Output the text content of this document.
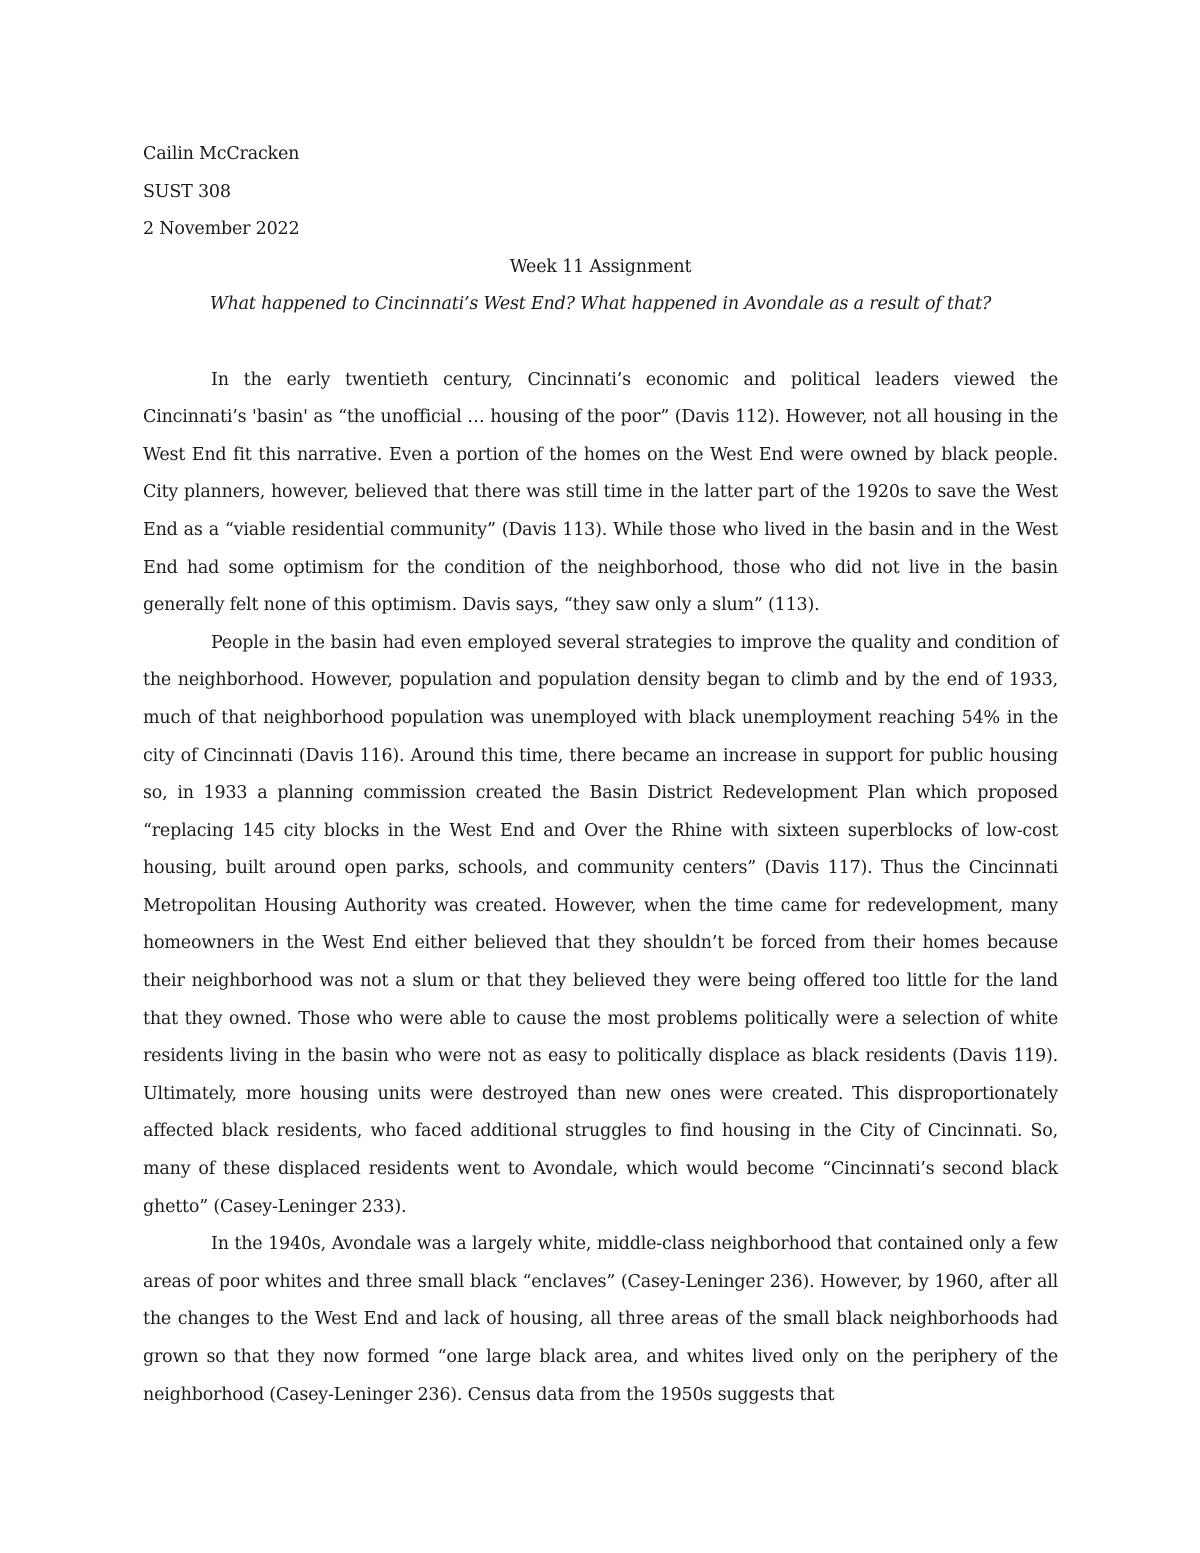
Cailin McCracken

SUST 308

2 November 2022

Week 11 Assignment

What happened to Cincinnati’s West End? What happened in Avondale as a result of that?

In the early twentieth century, Cincinnati’s economic and political leaders viewed the Cincinnati’s 'basin' as “the unofficial … housing of the poor” (Davis 112). However, not all housing in the West End fit this narrative. Even a portion of the homes on the West End were owned by black people. City planners, however, believed that there was still time in the latter part of the 1920s to save the West End as a “viable residential community” (Davis 113). While those who lived in the basin and in the West End had some optimism for the condition of the neighborhood, those who did not live in the basin generally felt none of this optimism. Davis says, “they saw only a slum” (113).

People in the basin had even employed several strategies to improve the quality and condition of the neighborhood. However, population and population density began to climb and by the end of 1933, much of that neighborhood population was unemployed with black unemployment reaching 54% in the city of Cincinnati (Davis 116). Around this time, there became an increase in support for public housing so, in 1933 a planning commission created the Basin District Redevelopment Plan which proposed “replacing 145 city blocks in the West End and Over the Rhine with sixteen superblocks of low-cost housing, built around open parks, schools, and community centers” (Davis 117). Thus the Cincinnati Metropolitan Housing Authority was created. However, when the time came for redevelopment, many homeowners in the West End either believed that they shouldn’t be forced from their homes because their neighborhood was not a slum or that they believed they were being offered too little for the land that they owned. Those who were able to cause the most problems politically were a selection of white residents living in the basin who were not as easy to politically displace as black residents (Davis 119). Ultimately, more housing units were destroyed than new ones were created. This disproportionately affected black residents, who faced additional struggles to find housing in the City of Cincinnati. So, many of these displaced residents went to Avondale, which would become “Cincinnati’s second black ghetto” (Casey-Leninger 233).

In the 1940s, Avondale was a largely white, middle-class neighborhood that contained only a few areas of poor whites and three small black “enclaves” (Casey-Leninger 236). However, by 1960, after all the changes to the West End and lack of housing, all three areas of the small black neighborhoods had grown so that they now formed “one large black area, and whites lived only on the periphery of the neighborhood (Casey-Leninger 236). Census data from the 1950s suggests that
